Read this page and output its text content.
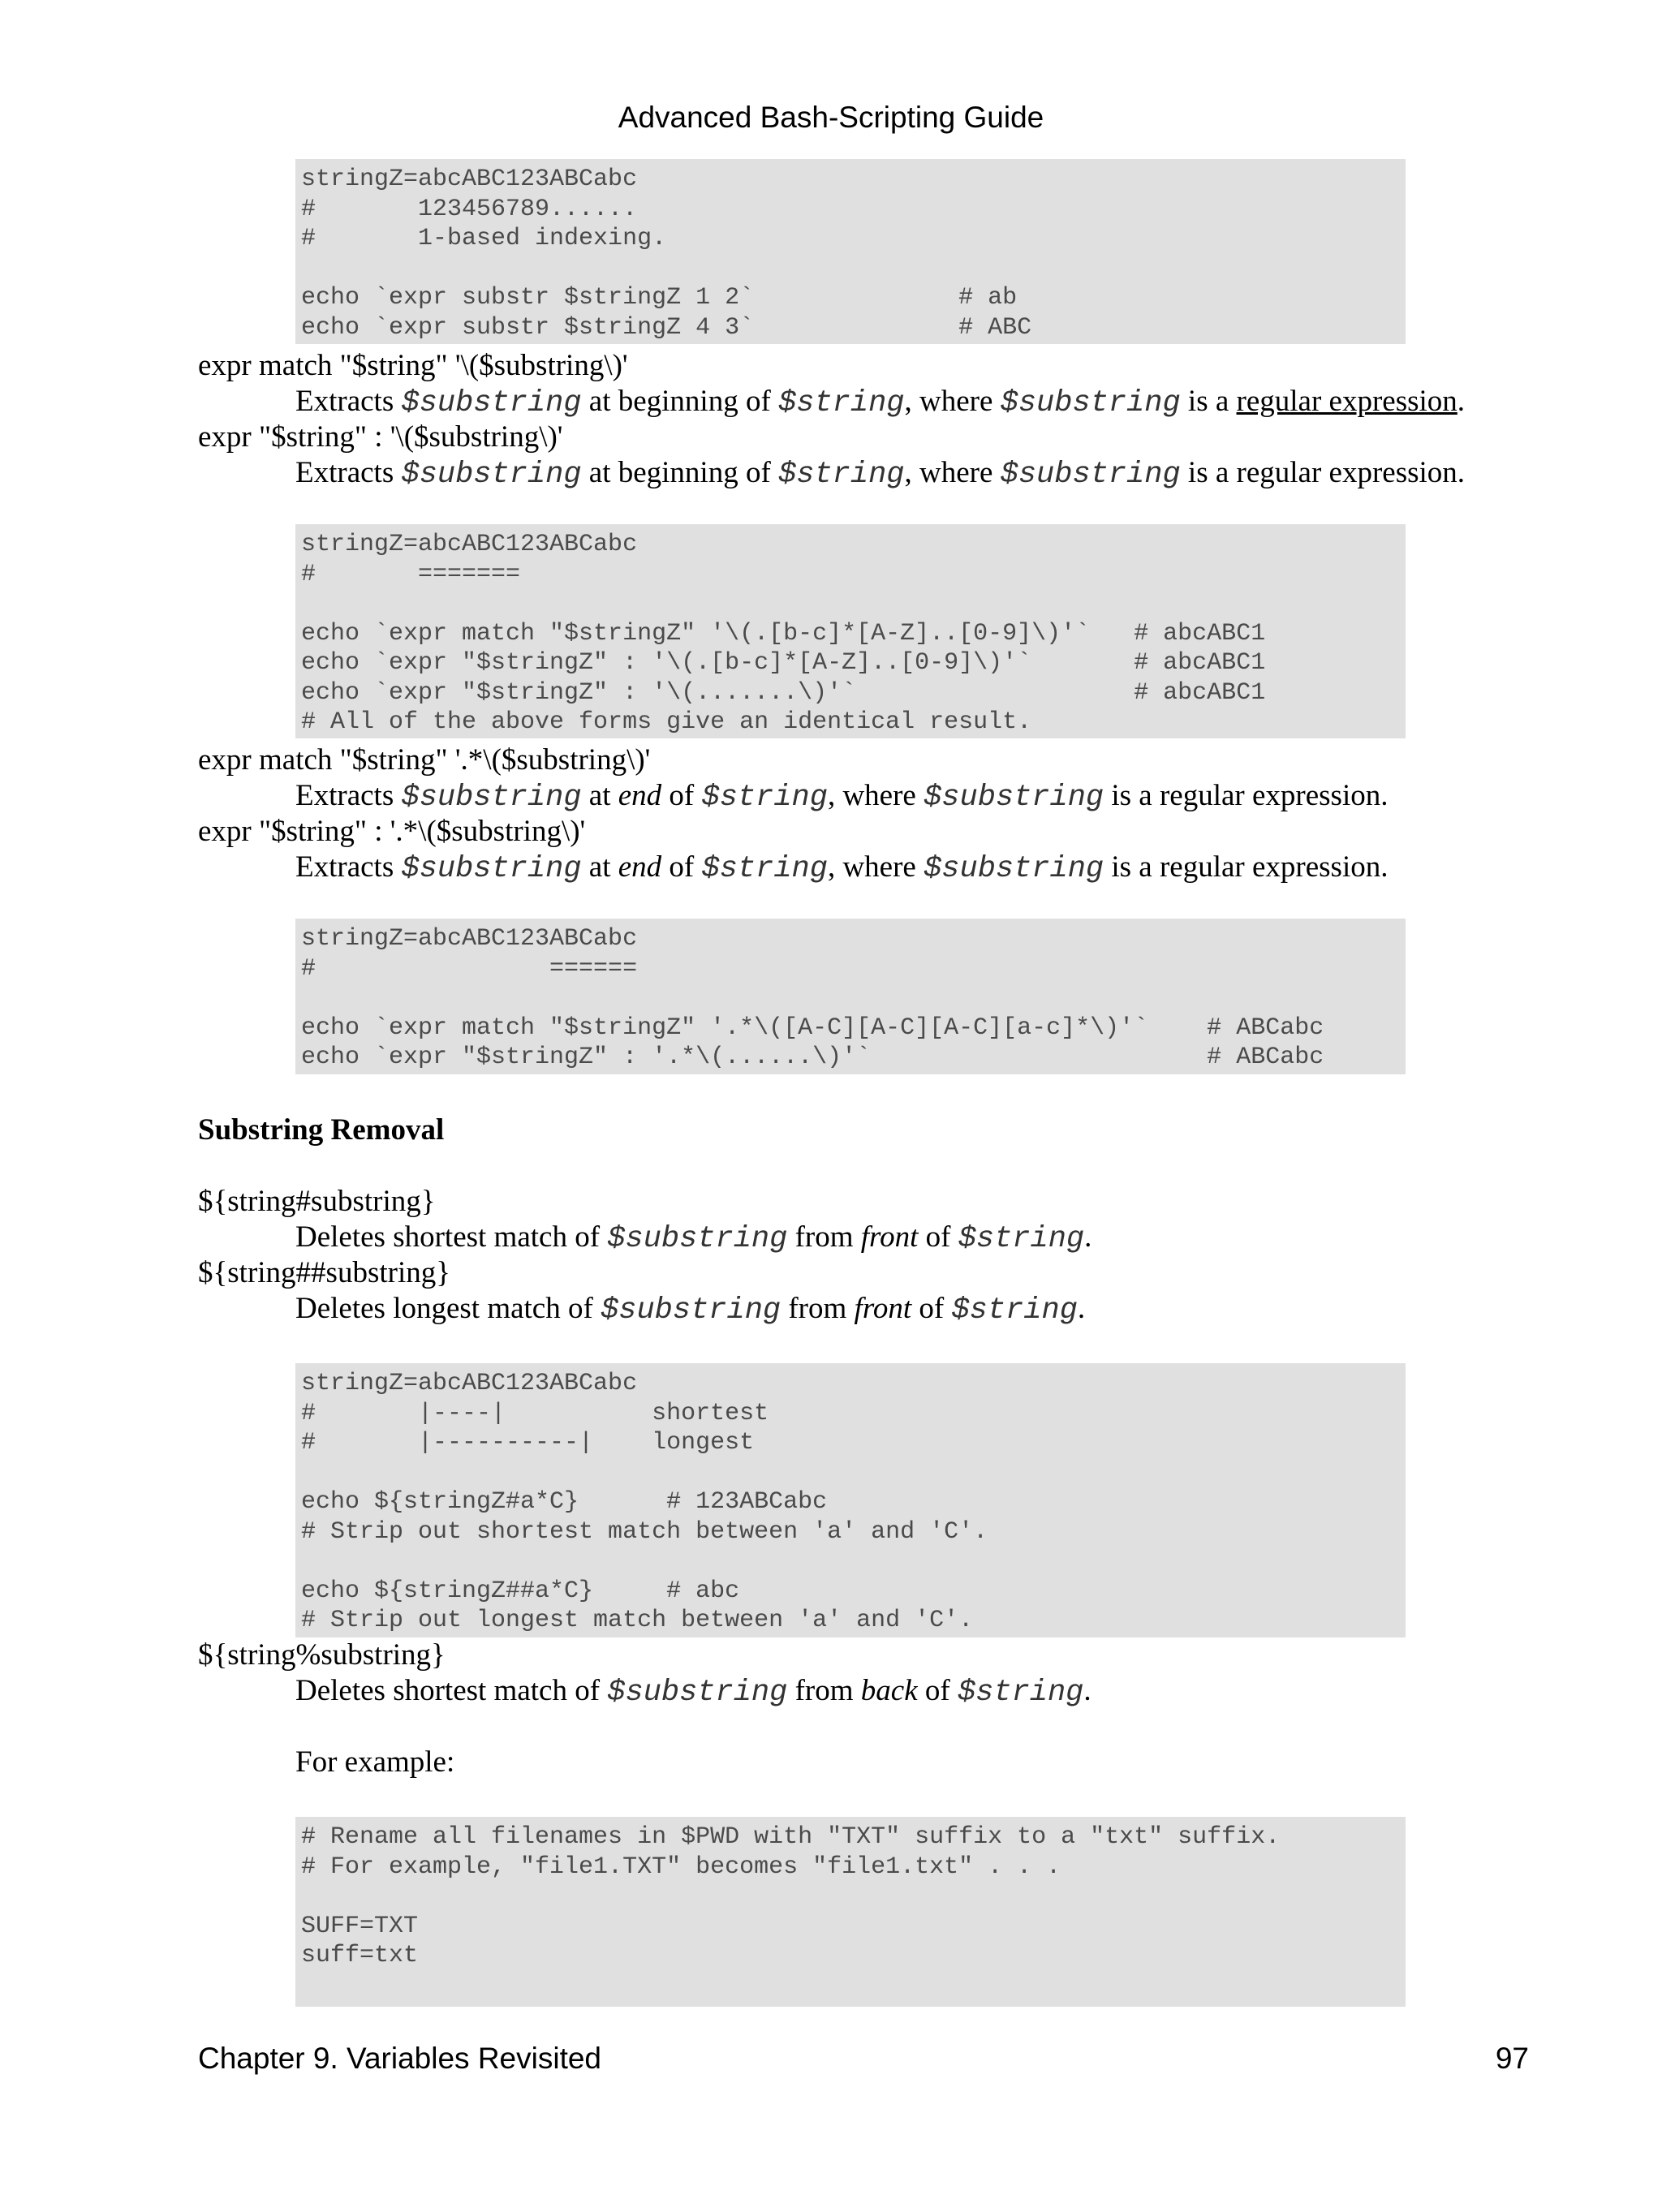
Advanced Bash-Scripting Guide
stringZ=abcABC123ABCabc
#       123456789......
#       1-based indexing.

echo `expr substr $stringZ 1 2`              # ab
echo `expr substr $stringZ 4 3`              # ABC
expr match "$string" '\($substring\)'
Extracts $substring at beginning of $string, where $substring is a regular expression.
expr "$string" : '\($substring\)'
Extracts $substring at beginning of $string, where $substring is a regular expression.
stringZ=abcABC123ABCabc
#       =======

echo `expr match "$stringZ" '\(.[b-c]*[A-Z]..[0-9]\)'`   # abcABC1
echo `expr "$stringZ" : '\(.[b-c]*[A-Z]..[0-9]\)'`       # abcABC1
echo `expr "$stringZ" : '\(.......\)'`                   # abcABC1
# All of the above forms give an identical result.
expr match "$string" '.*\($substring\)'
Extracts $substring at end of $string, where $substring is a regular expression.
expr "$string" : '.*\($substring\)'
Extracts $substring at end of $string, where $substring is a regular expression.
stringZ=abcABC123ABCabc
#                ======

echo `expr match "$stringZ" '.*\([A-C][A-C][A-C][a-c]*\)'`    # ABCabc
echo `expr "$stringZ" : '.*\(......\)'`                       # ABCabc
Substring Removal
${string#substring}
Deletes shortest match of $substring from front of $string.
${string##substring}
Deletes longest match of $substring from front of $string.
stringZ=abcABC123ABCabc
#       |----|          shortest
#       |----------|    longest

echo ${stringZ#a*C}      # 123ABCabc
# Strip out shortest match between 'a' and 'C'.

echo ${stringZ##a*C}     # abc
# Strip out longest match between 'a' and 'C'.
${string%substring}
Deletes shortest match of $substring from back of $string.
For example:
# Rename all filenames in $PWD with "TXT" suffix to a "txt" suffix.
# For example, "file1.TXT" becomes "file1.txt" . . .

SUFF=TXT
suff=txt
Chapter 9. Variables Revisited	97
